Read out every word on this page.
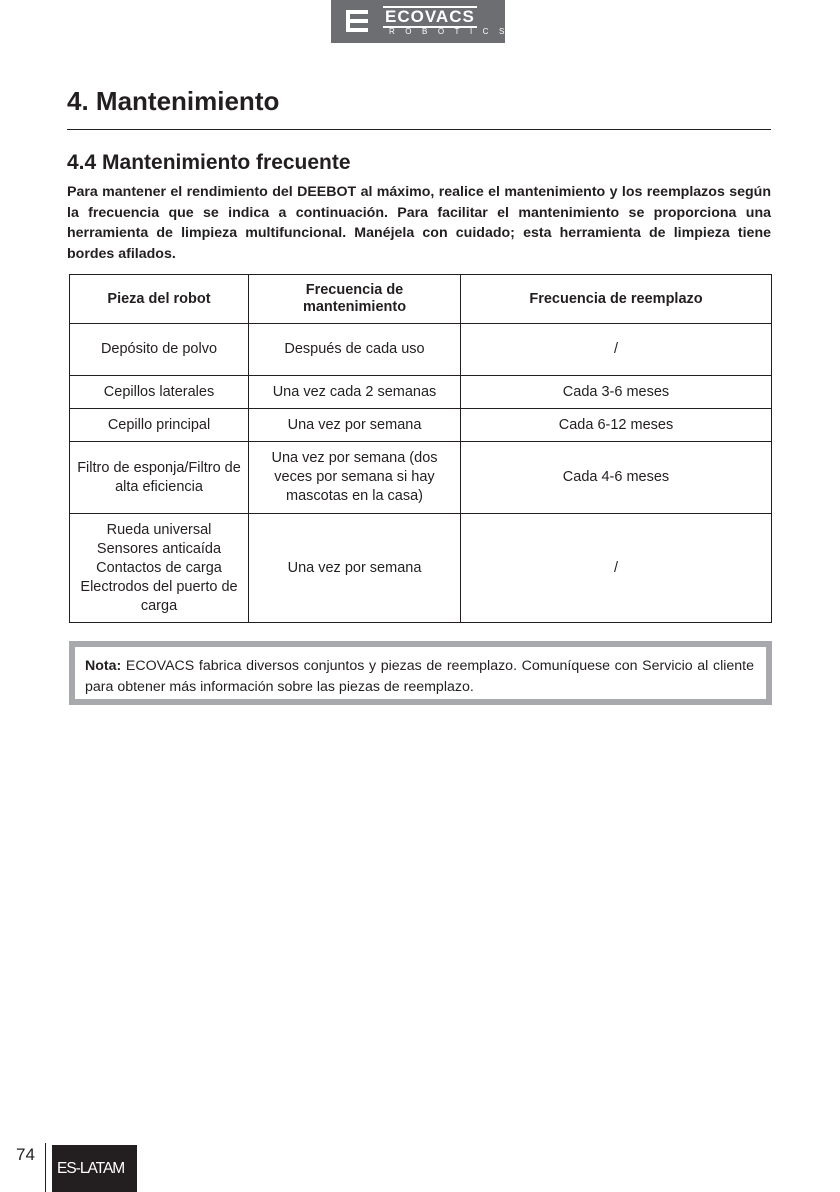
ECOVACS
ROBOTICS
4. Mantenimiento
4.4 Mantenimiento frecuente

Para mantener el rendimiento del DEEBOT al máximo, realice el mantenimiento y los reemplazos según la frecuencia que se indica a continuación. Para facilitar el mantenimiento se proporciona una herramienta de limpieza multifuncional. Manéjela con cuidado; esta herramienta de limpieza tiene bordes afilados.

Pieza del robot	Frecuencia de mantenimiento	Frecuencia de reemplazo
Depósito de polvo	Después de cada uso	/
Cepillos laterales	Una vez cada 2 semanas	Cada 3-6 meses
Cepillo principal	Una vez por semana	Cada 6-12 meses
Filtro de esponja/Filtro de alta eficiencia	Una vez por semana (dos veces por semana si hay mascotas en la casa)	Cada 4-6 meses

Rueda universal
Sensores anticaída
Contactos de carga
Electrodos del puerto de carga	Una vez por semana	/
Nota: ECOVACS fabrica diversos conjuntos y piezas de reemplazo. Comuníquese con Servicio al cliente para obtener más información sobre las piezas de reemplazo.
74
ES-LATAM
